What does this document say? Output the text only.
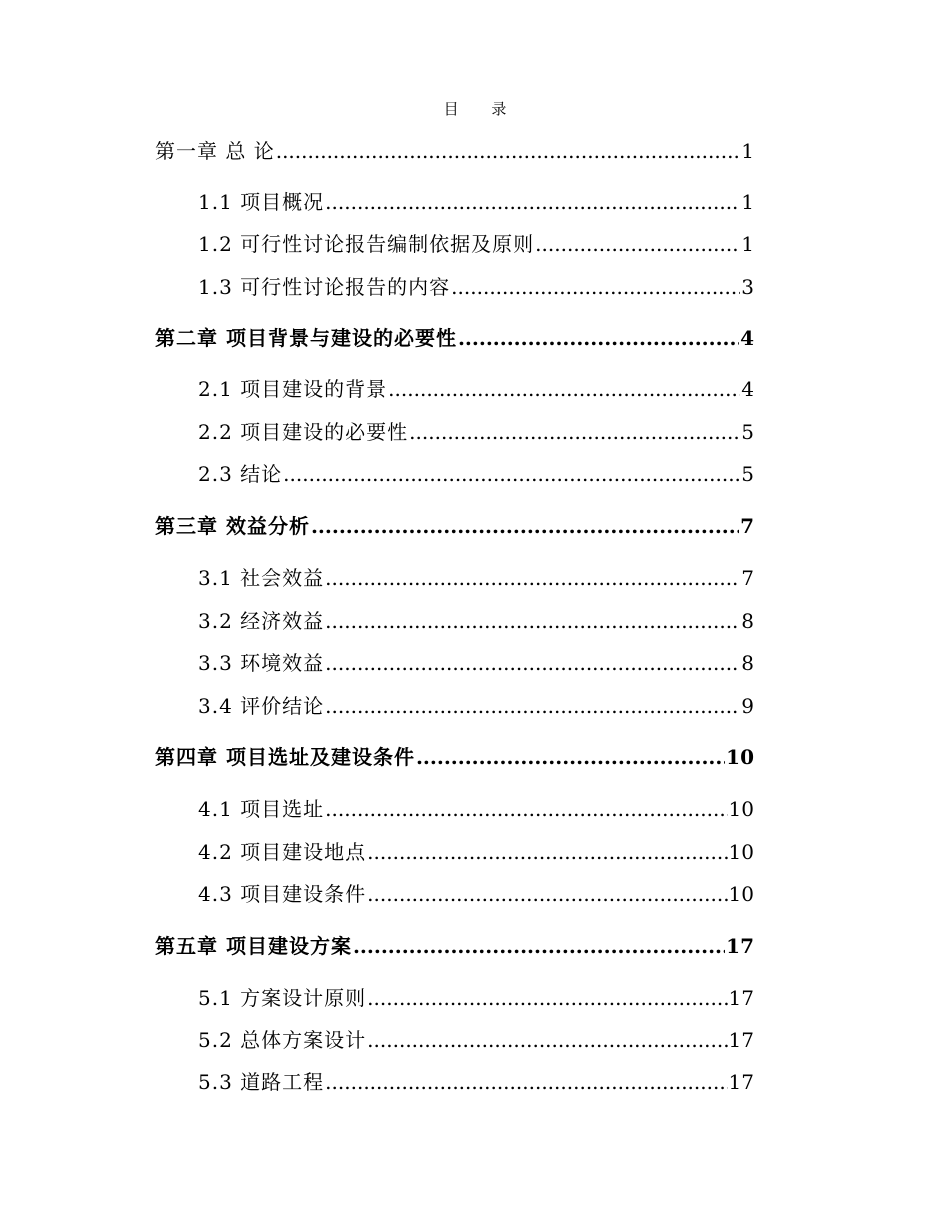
目 录
第一章 总 论 .....	1
1.1 项目概况 .....	1
1.2 可行性讨论报告编制依据及原则 .....	1
1.3 可行性讨论报告的内容 .....	3
第二章 项目背景与建设的必要性 .....	4
2.1 项目建设的背景 .....	4
2.2 项目建设的必要性 .....	5
2.3 结论 .....	5
第三章 效益分析 .....	7
3.1 社会效益 .....	7
3.2 经济效益 .....	8
3.3 环境效益 .....	8
3.4 评价结论 .....	9
第四章 项目选址及建设条件 .....	10
4.1 项目选址 .....	10
4.2 项目建设地点 .....	10
4.3 项目建设条件 .....	10
第五章 项目建设方案 .....	17
5.1 方案设计原则 .....	17
5.2 总体方案设计 .....	17
5.3 道路工程 .....	17
